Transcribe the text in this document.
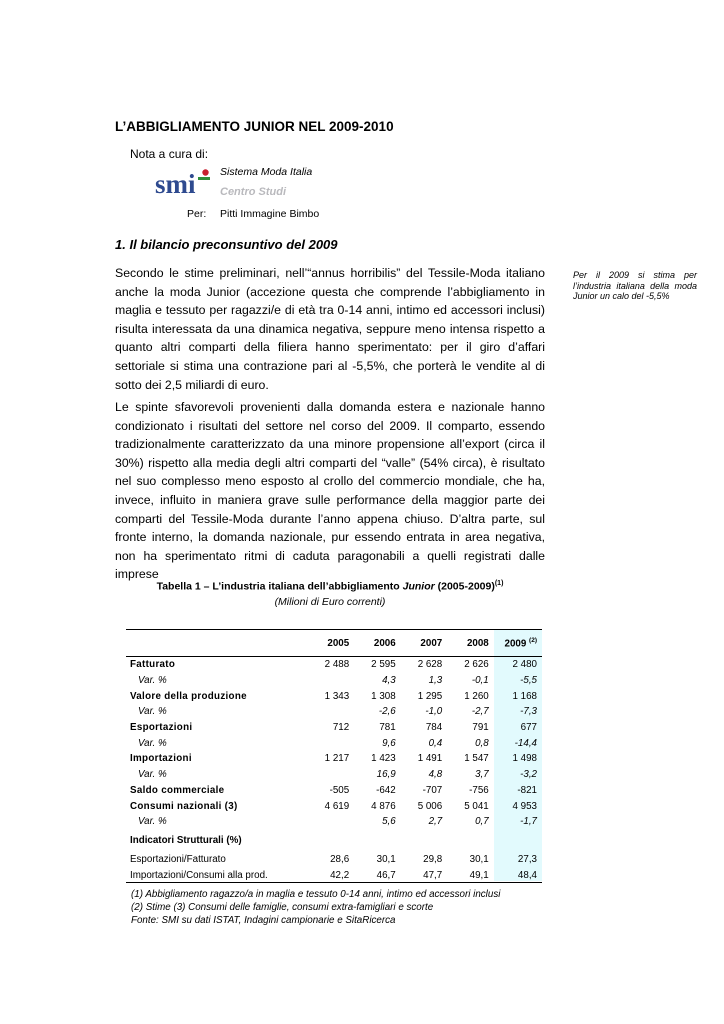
L’ABBIGLIAMENTO JUNIOR NEL 2009-2010
Nota a cura di:
smi Sistema Moda Italia
Centro Studi
Per: Pitti Immagine Bimbo
1. Il bilancio preconsuntivo del 2009

Secondo le stime preliminari, nell’“annus horribilis” del Tessile-Moda italiano anche la moda Junior (accezione questa che comprende l’abbigliamento in maglia e tessuto per ragazzi/e di età tra 0-14 anni, intimo ed accessori inclusi) risulta interessata da una dinamica negativa, seppure meno intensa rispetto a quanto altri comparti della filiera hanno sperimentato: per il giro d’affari settoriale si stima una contrazione pari al -5,5%, che porterà le vendite al di sotto dei 2,5 miliardi di euro.

Le spinte sfavorevoli provenienti dalla domanda estera e nazionale hanno condizionato i risultati del settore nel corso del 2009. Il comparto, essendo tradizionalmente caratterizzato da una minore propensione all’export (circa il 30%) rispetto alla media degli altri comparti del “valle” (54% circa), è risultato nel suo complesso meno esposto al crollo del commercio mondiale, che ha, invece, influito in maniera grave sulle performance della maggior parte dei comparti del Tessile-Moda durante l’anno appena chiuso. D’altra parte, sul fronte interno, la domanda nazionale, pur essendo entrata in area negativa, non ha sperimentato ritmi di caduta paragonabili a quelli registrati dalle imprese

Per il 2009 si stima per l’industria italiana della moda Junior un calo del -5,5%
Tabella 1 – L’industria italiana dell’abbigliamento Junior (2005-2009)$^{(1)}$
(Milioni di Euro correnti)
	2005	2006	2007	2008	2009 $^{(2)}$
Fatturato	2 488	2 595	2 628	2 626	2 480
Var. %		4,3	1,3	-0,1	-5,5
Valore della produzione	1 343	1 308	1 295	1 260	1 168
Var. %		-2,6	-1,0	-2,7	-7,3
Esportazioni	712	781	784	791	677
Var. %		9,6	0,4	0,8	-14,4
Importazioni	1 217	1 423	1 491	1 547	1 498
Var. %		16,9	4,8	3,7	-3,2
Saldo commerciale	-505	-642	-707	-756	-821
Consumi nazionali (3)	4 619	4 876	5 006	5 041	4 953
Var. %		5,6	2,7	0,7	-1,7
Indicatori Strutturali (%)					
Esportazioni/Fatturato	28,6	30,1	29,8	30,1	27,3
Importazioni/Consumi alla prod.	42,2	46,7	47,7	49,1	48,4
(1) Abbigliamento ragazzo/a in maglia e tessuto 0-14 anni, intimo ed accessori inclusi
(2) Stime (3) Consumi delle famiglie, consumi extra-famigliari e scorte
Fonte: SMI su dati ISTAT, Indagini campionarie e SitaRicerca
